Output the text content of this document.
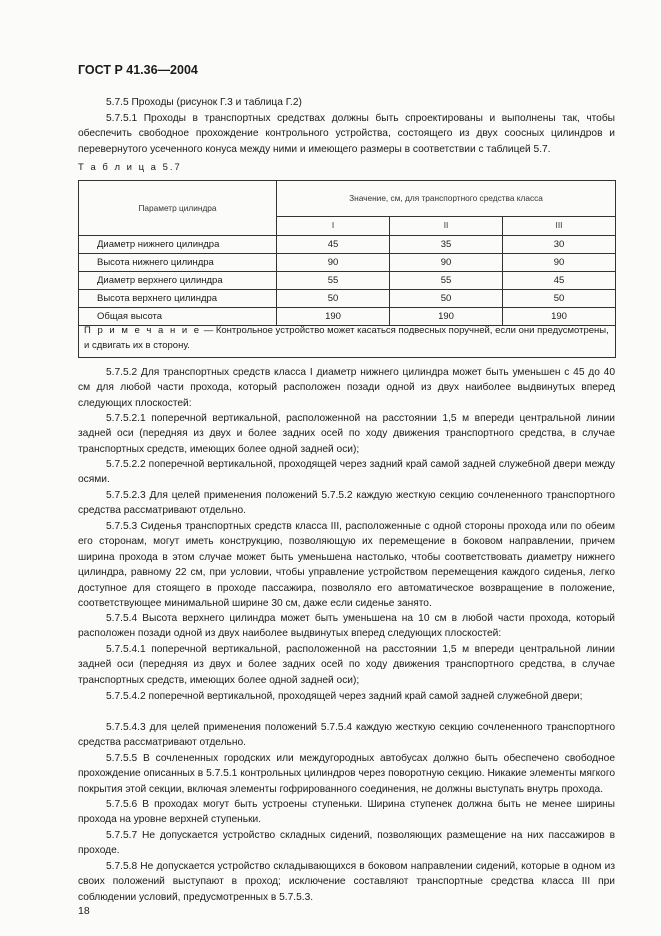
ГОСТ Р 41.36—2004
5.7.5 Проходы (рисунок Г.3 и таблица Г.2)
5.7.5.1 Проходы в транспортных средствах должны быть спроектированы и выполнены так, чтобы обеспечить свободное прохождение контрольного устройства, состоящего из двух соосных цилиндров и перевернутого усеченного конуса между ними и имеющего размеры в соответствии с таблицей 5.7.
Т а б л и ц а 5.7
Параметр цилиндра	Значение, см, для транспортного средства класса		
	I	II	III
Диаметр нижнего цилиндра	45	35	30
Высота нижнего цилиндра	90	90	90
Диаметр верхнего цилиндра	55	55	45
Высота верхнего цилиндра	50	50	50
Общая высота	190	190	190

П р и м е ч а н и е — Контрольное устройство может касаться подвесных поручней, если они предусмотрены, и сдвигать их в сторону.
5.7.5.2 Для транспортных средств класса I диаметр нижнего цилиндра может быть уменьшен с 45 до 40 см для любой части прохода, который расположен позади одной из двух наиболее выдвинутых вперед следующих плоскостей:
5.7.5.2.1 поперечной вертикальной, расположенной на расстоянии 1,5 м впереди центральной линии задней оси (передняя из двух и более задних осей по ходу движения транспортного средства, в случае транспортных средств, имеющих более одной задней оси);
5.7.5.2.2 поперечной вертикальной, проходящей через задний край самой задней служебной двери между осями.
5.7.5.2.3 Для целей применения положений 5.7.5.2 каждую жесткую секцию сочлененного транспортного средства рассматривают отдельно.
5.7.5.3 Сиденья транспортных средств класса III, расположенные с одной стороны прохода или по обеим его сторонам, могут иметь конструкцию, позволяющую их перемещение в боковом направлении, причем ширина прохода в этом случае может быть уменьшена настолько, чтобы соответствовать диаметру нижнего цилиндра, равному 22 см, при условии, чтобы управление устройством перемещения каждого сиденья, легко доступное для стоящего в проходе пассажира, позволяло его автоматическое возвращение в положение, соответствующее минимальной ширине 30 см, даже если сиденье занято.
5.7.5.4 Высота верхнего цилиндра может быть уменьшена на 10 см в любой части прохода, который расположен позади одной из двух наиболее выдвинутых вперед следующих плоскостей:
5.7.5.4.1 поперечной вертикальной, расположенной на расстоянии 1,5 м впереди центральной линии задней оси (передняя из двух и более задних осей по ходу движения транспортного средства, в случае транспортных средств, имеющих более одной задней оси);
5.7.5.4.2 поперечной вертикальной, проходящей через задний край самой задней служебной двери;
5.7.5.4.3 для целей применения положений 5.7.5.4 каждую жесткую секцию сочлененного транспортного средства рассматривают отдельно.
5.7.5.5 В сочлененных городских или междугородных автобусах должно быть обеспечено свободное прохождение описанных в 5.7.5.1 контрольных цилиндров через поворотную секцию. Никакие элементы мягкого покрытия этой секции, включая элементы гофрированного соединения, не должны выступать внутрь прохода.
5.7.5.6 В проходах могут быть устроены ступеньки. Ширина ступенек должна быть не менее ширины прохода на уровне верхней ступеньки.
5.7.5.7 Не допускается устройство складных сидений, позволяющих размещение на них пассажиров в проходе.
5.7.5.8 Не допускается устройство складывающихся в боковом направлении сидений, которые в одном из своих положений выступают в проход; исключение составляют транспортные средства класса III при соблюдении условий, предусмотренных в 5.7.5.3.
18
